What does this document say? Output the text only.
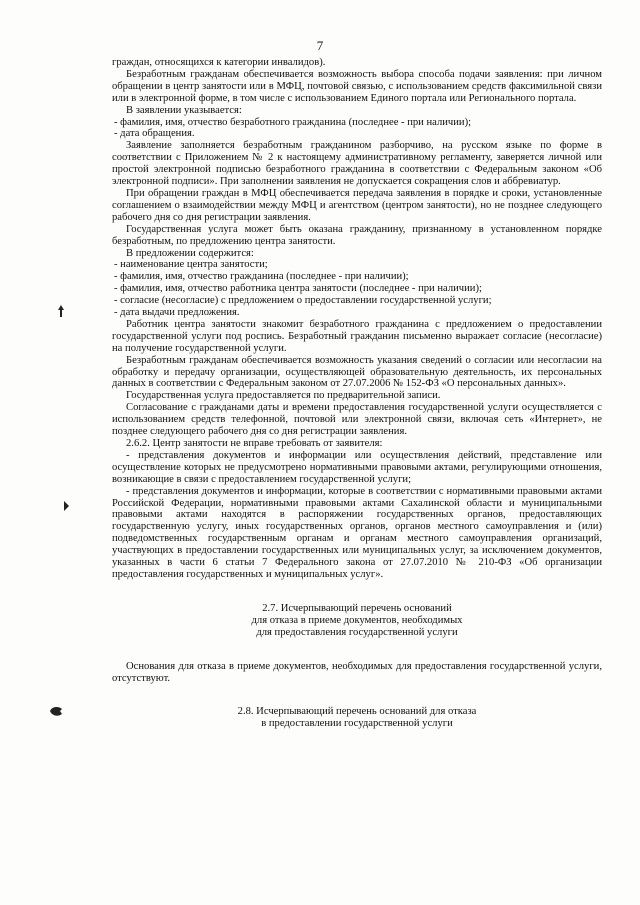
7

граждан, относящихся к категории инвалидов).

Безработным гражданам обеспечивается возможность выбора способа подачи заявления: при личном обращении в центр занятости или в МФЦ, почтовой связью, с использованием средств факсимильной связи или в электронной форме, в том числе с использованием Единого портала или Регионального портала.

В заявлении указывается:

- фамилия, имя, отчество безработного гражданина (последнее - при наличии);

- дата обращения.

Заявление заполняется безработным гражданином разборчиво, на русском языке по форме в соответствии с Приложением № 2 к настоящему административному регламенту, заверяется личной или простой электронной подписью безработного гражданина в соответствии с Федеральным законом «Об электронной подписи». При заполнении заявления не допускается сокращения слов и аббревиатур.

При обращении граждан в МФЦ обеспечивается передача заявления в порядке и сроки, установленные соглашением о взаимодействии между МФЦ и агентством (центром занятости), но не позднее следующего рабочего дня со дня регистрации заявления.

Государственная услуга может быть оказана гражданину, признанному в установленном порядке безработным, по предложению центра занятости.

В предложении содержится:

- наименование центра занятости;

- фамилия, имя, отчество гражданина (последнее - при наличии);

- фамилия, имя, отчество работника центра занятости (последнее - при наличии);

- согласие (несогласие) с предложением о предоставлении государственной услуги;

- дата выдачи предложения.

Работник центра занятости знакомит безработного гражданина с предложением о предоставлении государственной услуги под роспись. Безработный гражданин письменно выражает согласие (несогласие) на получение государственной услуги.

Безработным гражданам обеспечивается возможность указания сведений о согласии или несогласии на обработку и передачу организации, осуществляющей образовательную деятельность, их персональных данных в соответствии с Федеральным законом от 27.07.2006 № 152-ФЗ «О персональных данных».

Государственная услуга предоставляется по предварительной записи.

Согласование с гражданами даты и времени предоставления государственной услуги осуществляется с использованием средств телефонной, почтовой или электронной связи, включая сеть «Интернет», не позднее следующего рабочего дня со дня регистрации заявления.

2.6.2. Центр занятости не вправе требовать от заявителя:

- представления документов и информации или осуществления действий, представление или осуществление которых не предусмотрено нормативными правовыми актами, регулирующими отношения, возникающие в связи с предоставлением государственной услуги;

- представления документов и информации, которые в соответствии с нормативными правовыми актами Российской Федерации, нормативными правовыми актами Сахалинской области и муниципальными правовыми актами находятся в распоряжении государственных органов, предоставляющих государственную услугу, иных государственных органов, органов местного самоуправления и (или) подведомственных государственным органам и органам местного самоуправления организаций, участвующих в предоставлении государственных или муниципальных услуг, за исключением документов, указанных в части 6 статьи 7 Федерального закона от 27.07.2010 № 210-ФЗ «Об организации предоставления государственных и муниципальных услуг».

2.7. Исчерпывающий перечень оснований

для отказа в приеме документов, необходимых

для предоставления государственной услуги

Основания для отказа в приеме документов, необходимых для предоставления государственной услуги, отсутствуют.

2.8. Исчерпывающий перечень оснований для отказа

в предоставлении государственной услуги
